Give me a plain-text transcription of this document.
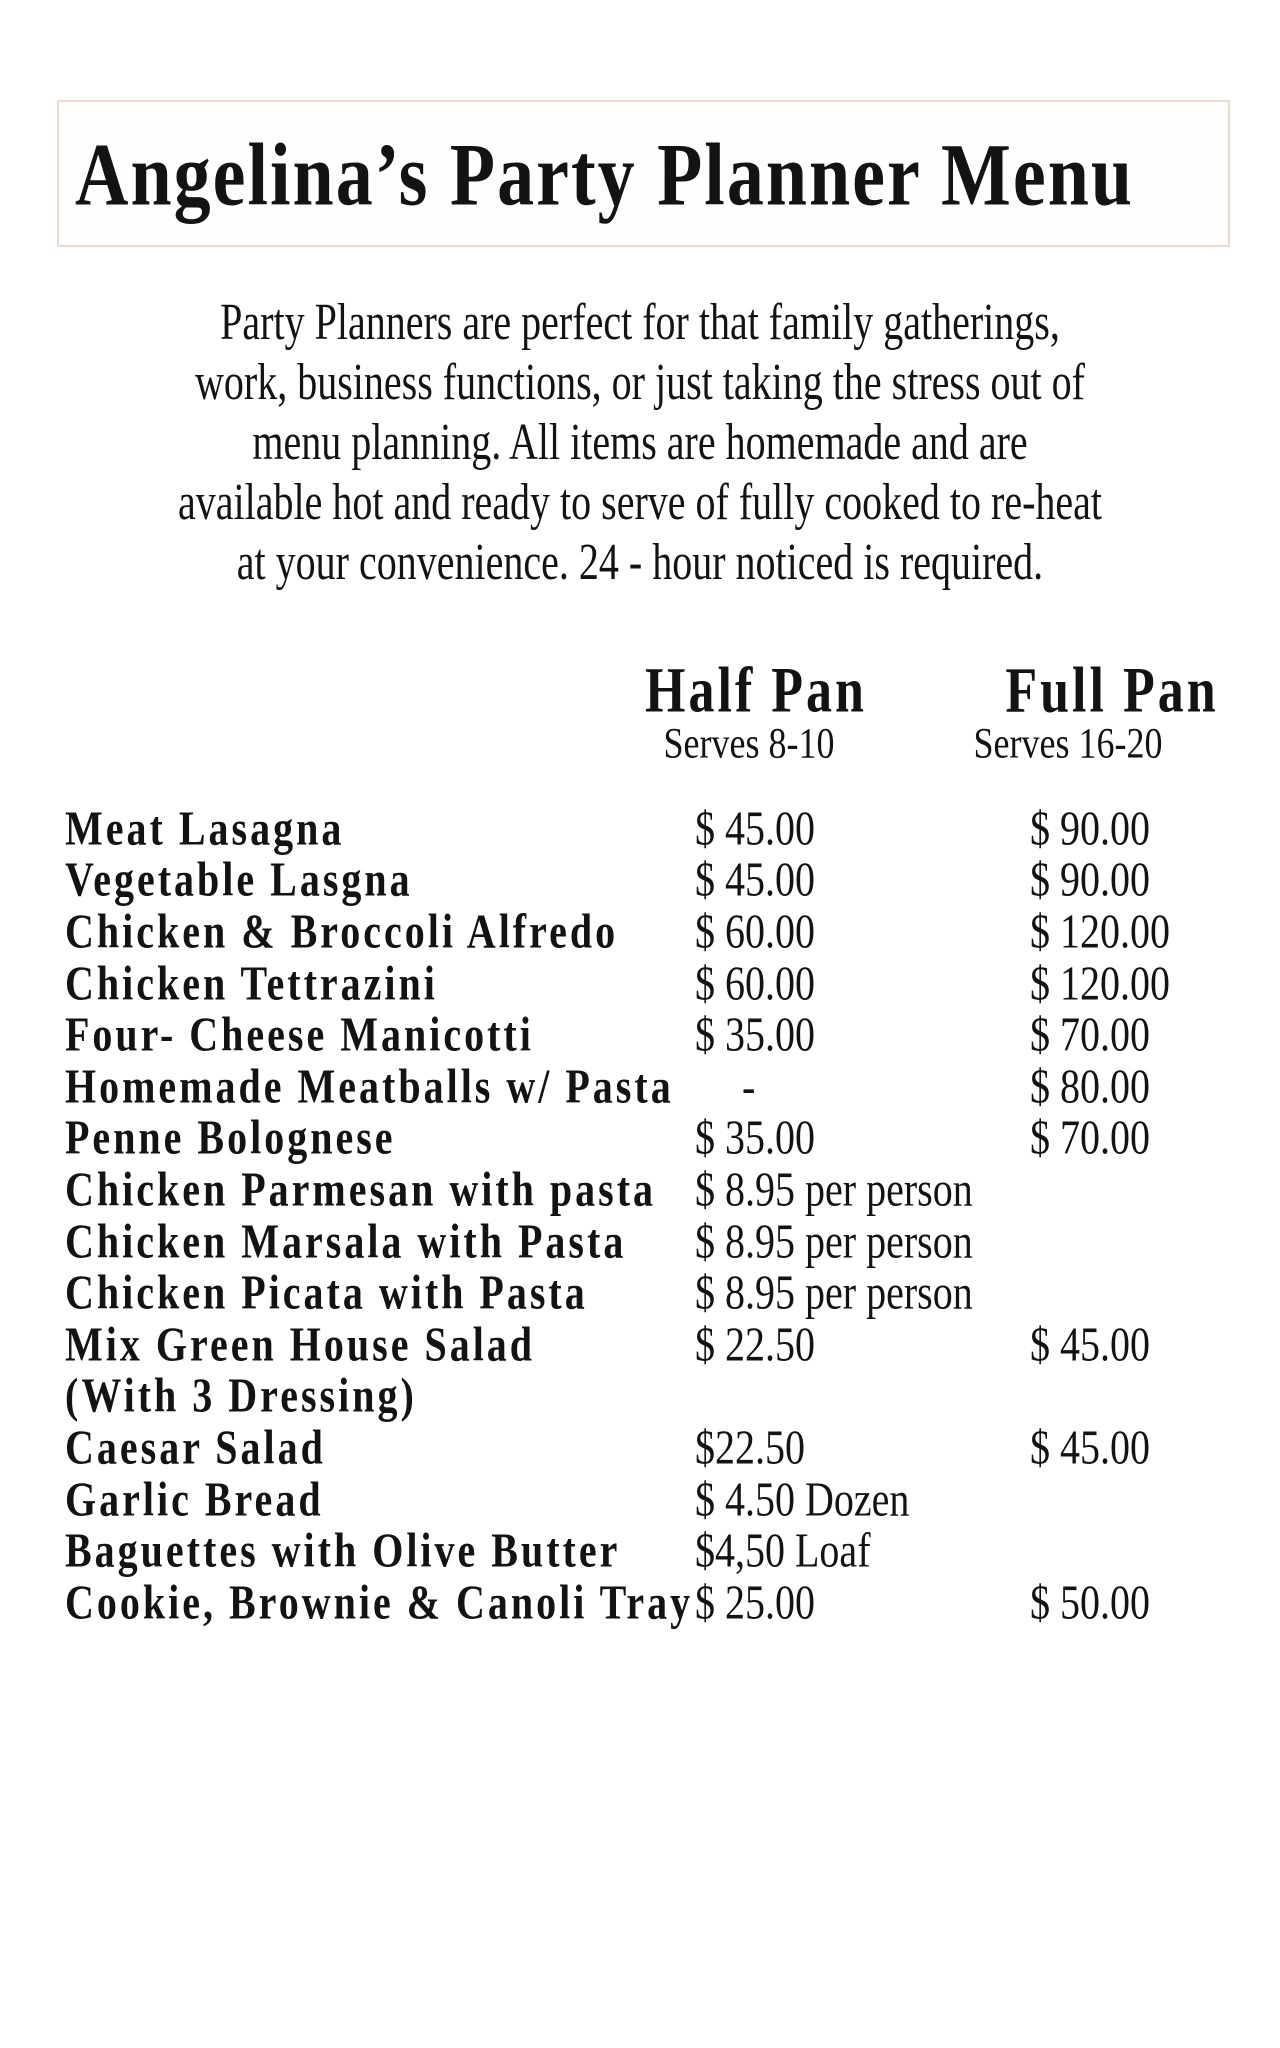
Angelina’s Party Planner Menu
Party Planners are perfect for that family gatherings,
work, business functions, or just taking the stress out of
menu planning. All items are homemade and are
available hot and ready to serve of fully cooked to re-heat
at your convenience. 24 - hour noticed is required.
Half Pan	Full Pan
Serves 8-10	Serves 16-20
Meat Lasagna	$ 45.00	$ 90.00
Vegetable Lasgna	$ 45.00	$ 90.00
Chicken & Broccoli Alfredo $ 60.00	$ 120.00
Chicken Tettrazini	$ 60.00	$ 120.00
Four- Cheese Manicotti	$ 35.00	$ 70.00
Homemade Meatballs w/ Pasta -	$ 80.00
Penne Bolognese	$ 35.00	$ 70.00
Chicken Parmesan with pasta $ 8.95 per person
Chicken Marsala with Pasta $ 8.95 per person
Chicken Picata with Pasta	$ 8.95 per person
Mix Green House Salad	$ 22.50	$ 45.00
(With 3 Dressing)
Caesar Salad	$22.50	$ 45.00
Garlic Bread	$ 4.50 Dozen
Baguettes with Olive Butter $4,50 Loaf
Cookie, Brownie & Canoli Tray $ 25.00	$ 50.00
